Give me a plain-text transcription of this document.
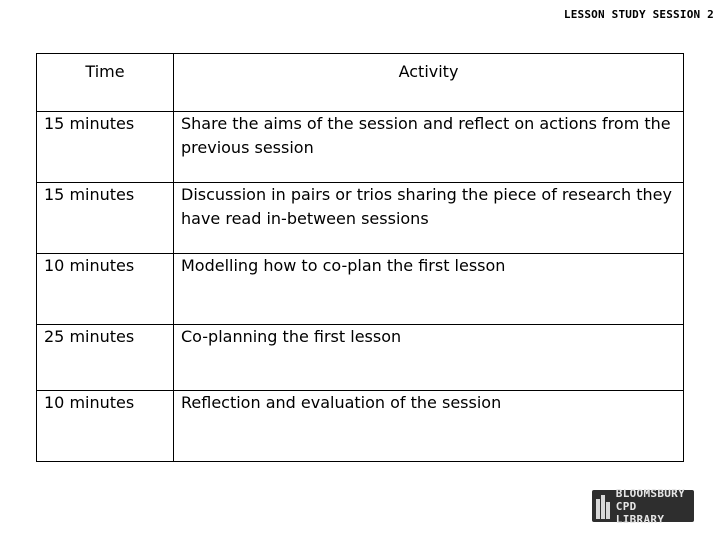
LESSON STUDY SESSION 2
Time	Activity
15 minutes	Share the aims of the session and reflect on actions from the previous session
15 minutes	Discussion in pairs or trios sharing the piece of research they have read in-between sessions
10 minutes	Modelling how to co-plan the first lesson
25 minutes	Co-planning the first lesson
10 minutes	Reflection and evaluation of the session
BLOOMSBURY
CPD LIBRARY
